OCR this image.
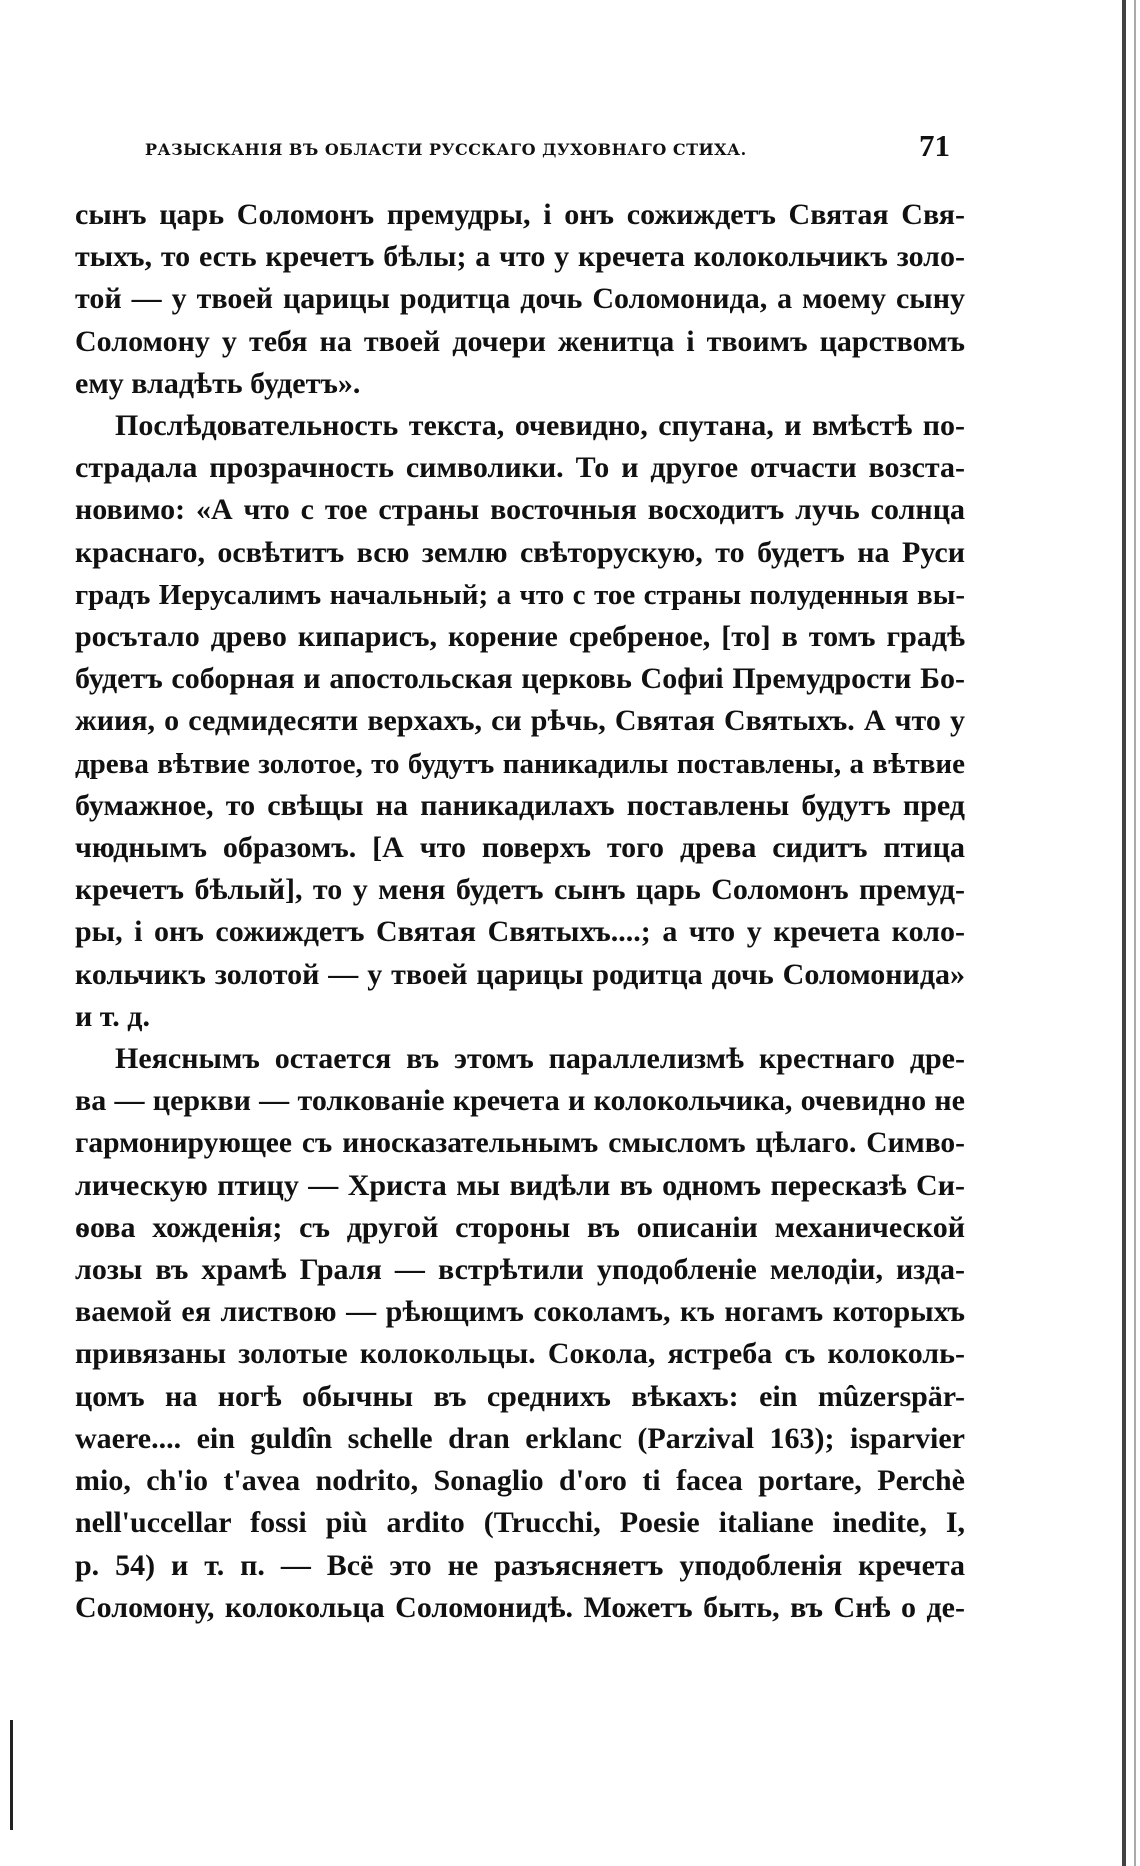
РАЗЫСКАНІЯ ВЪ ОБЛАСТИ РУССКАГО ДУХОВНАГО СТИХА.	71
сынъ царь Соломонъ премудры, і онъ сожиждетъ Святая Свя-
тыхъ, то есть кречетъ бѣлы; а что у кречета колокольчикъ золо-
той — у твоей царицы родитца дочь Соломонида, а моему сыну
Соломону у тебя на твоей дочери женитца і твоимъ царствомъ
ему владѣть будетъ».
Послѣдовательность текста, очевидно, спутана, и вмѣстѣ по-
страдала прозрачность символики. То и другое отчасти возста-
новимо: «А что с тое страны восточныя восходитъ лучь солнца
краснаго, освѣтитъ всю землю свѣторускую, то будетъ на Руси
градъ Иерусалимъ начальный; а что с тое страны полуденныя вы-
росътало древо кипарисъ, корение сребреное, [то] в томъ градѣ
будетъ соборная и апостольская церковь Софиі Премудрости Бо-
жиия, о седмидесяти верхахъ, си рѣчь, Святая Святыхъ. А что у
древа вѣтвие золотое, то будутъ паникадилы поставлены, а вѣтвие
бумажное, то свѣщы на паникадилахъ поставлены будутъ пред
чюднымъ образомъ. [А что поверхъ того древа сидитъ птица
кречетъ бѣлый], то у меня будетъ сынъ царь Соломонъ премуд-
ры, і онъ сожиждетъ Святая Святыхъ....; а что у кречета коло-
кольчикъ золотой — у твоей царицы родитца дочь Соломонида»
и т. д.
Неяснымъ остается въ этомъ параллелизмѣ крестнаго дре-
ва — церкви — толкованіе кречета и колокольчика, очевидно не
гармонирующее съ иносказательнымъ смысломъ цѣлаго. Симво-
лическую птицу — Христа мы видѣли въ одномъ пересказѣ Си-
ѳова хожденія; съ другой стороны въ описаніи механической
лозы въ храмѣ Граля — встрѣтили уподобленіе мелодіи, изда-
ваемой ея листвою — рѣющимъ соколамъ, къ ногамъ которыхъ
привязаны золотые колокольцы. Сокола, ястреба съ колоколь-
цомъ на ногѣ обычны въ среднихъ вѣкахъ: ein mûzerspär-
waere.... ein guldîn schelle dran erklanc (Parzival 163); isparvier
mio, ch'io t'avea nodrito, Sonaglio d'oro ti facea portare, Perchè
nell'uccellar fossi più ardito (Trucchi, Poesie italiane inedite, I,
p. 54) и т. п. — Всё это не разъясняетъ уподобленія кречета
Соломону, колокольца Соломонидѣ. Можетъ быть, въ Снѣ о де-
